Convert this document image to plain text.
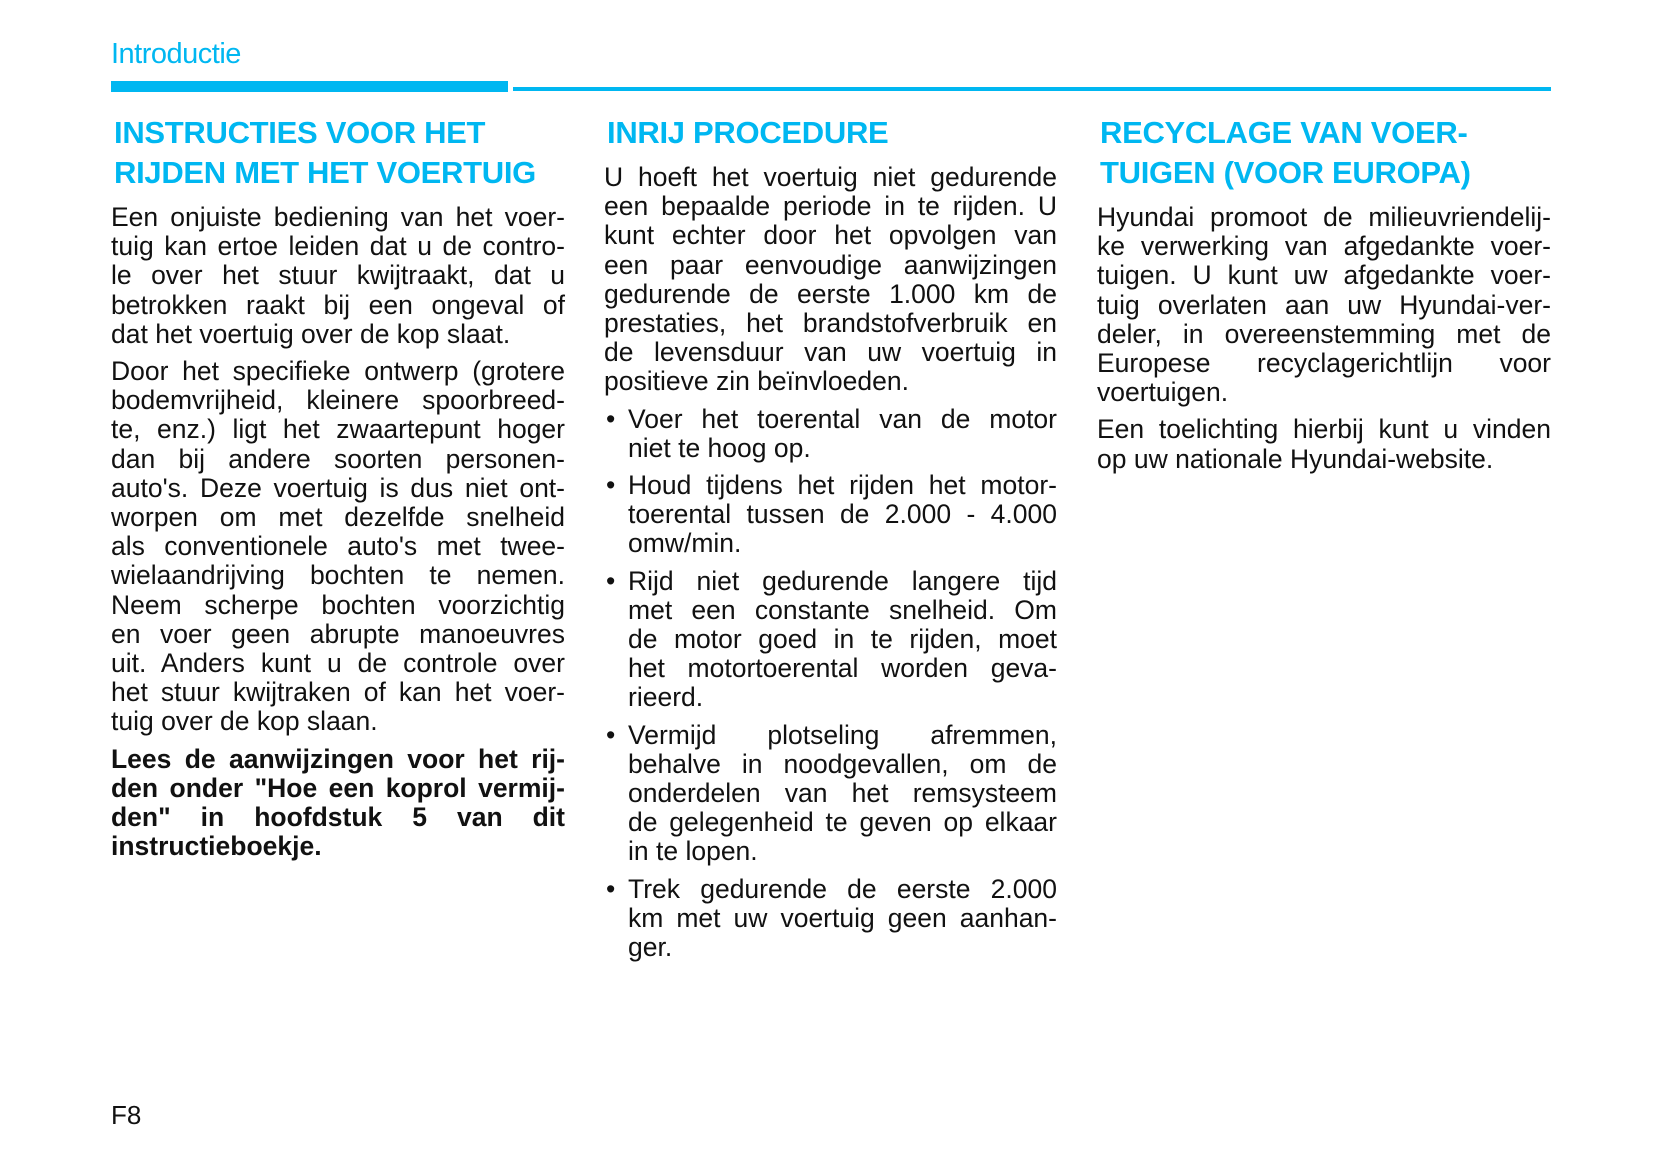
Introductie
INSTRUCTIES VOOR HET
RIJDEN MET HET VOERTUIG
Een onjuiste bediening van het voer-
tuig kan ertoe leiden dat u de contro-
le over het stuur kwijtraakt, dat u
betrokken raakt bij een ongeval of
dat het voertuig over de kop slaat.
Door het specifieke ontwerp (grotere
bodemvrijheid, kleinere spoorbreed-
te, enz.) ligt het zwaartepunt hoger
dan bij andere soorten personen-
auto's. Deze voertuig is dus niet ont-
worpen om met dezelfde snelheid
als conventionele auto's met twee-
wielaandrijving bochten te nemen.
Neem scherpe bochten voorzichtig
en voer geen abrupte manoeuvres
uit. Anders kunt u de controle over
het stuur kwijtraken of kan het voer-
tuig over de kop slaan.
Lees de aanwijzingen voor het rij-
den onder "Hoe een koprol vermij-
den" in hoofdstuk 5 van dit
instructieboekje.
INRIJ PROCEDURE
U hoeft het voertuig niet gedurende
een bepaalde periode in te rijden. U
kunt echter door het opvolgen van
een paar eenvoudige aanwijzingen
gedurende de eerste 1.000 km de
prestaties, het brandstofverbruik en
de levensduur van uw voertuig in
positieve zin beïnvloeden.
• Voer het toerental van de motor
niet te hoog op.
• Houd tijdens het rijden het motor-
toerental tussen de 2.000 - 4.000
omw/min.
• Rijd niet gedurende langere tijd
met een constante snelheid. Om
de motor goed in te rijden, moet
het motortoerental worden geva-
rieerd.
• Vermijd plotseling afremmen,
behalve in noodgevallen, om de
onderdelen van het remsysteem
de gelegenheid te geven op elkaar
in te lopen.
• Trek gedurende de eerste 2.000
km met uw voertuig geen aanhan-
ger.
RECYCLAGE VAN VOER-
TUIGEN (VOOR EUROPA)
Hyundai promoot de milieuvriendelij-
ke verwerking van afgedankte voer-
tuigen. U kunt uw afgedankte voer-
tuig overlaten aan uw Hyundai-ver-
deler, in overeenstemming met de
Europese recyclagerichtlijn voor
voertuigen.
Een toelichting hierbij kunt u vinden
op uw nationale Hyundai-website.
F8
